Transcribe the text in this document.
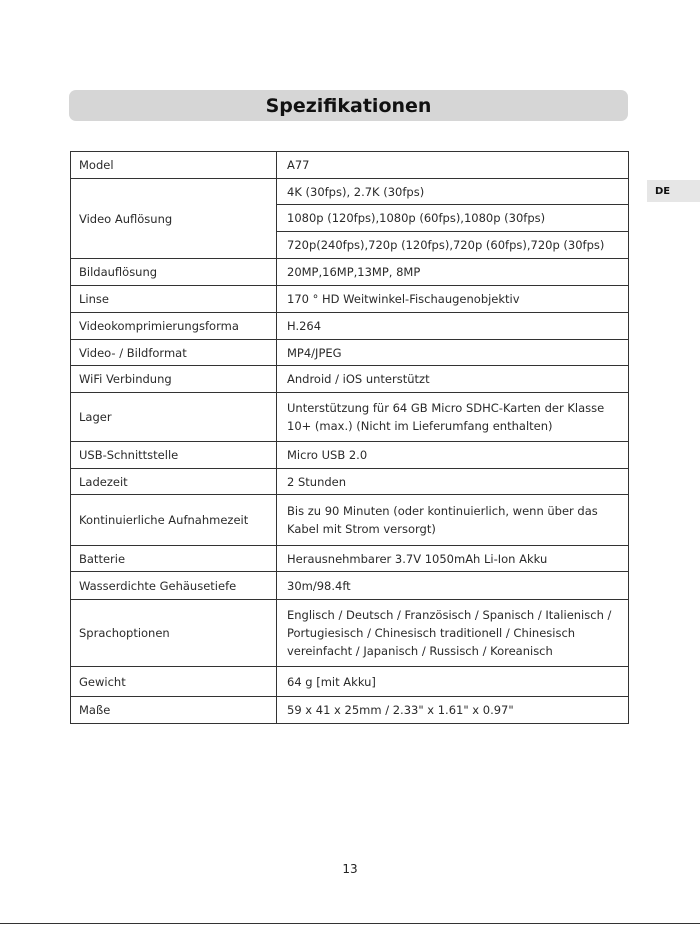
Spezifikationen
DE
Model	A77
Video Auflösung	4K (30fps), 2.7K (30fps)
	1080p (120fps),1080p (60fps),1080p (30fps)
	720p(240fps),720p (120fps),720p (60fps),720p (30fps)
Bildauflösung	20MP,16MP,13MP, 8MP
Linse	170 ° HD Weitwinkel-Fischaugenobjektiv
Videokomprimierungsforma	H.264
Video- / Bildformat	MP4/JPEG
WiFi Verbindung	Android / iOS unterstützt
Lager	Unterstützung für 64 GB Micro SDHC-Karten der Klasse 10+ (max.) (Nicht im Lieferumfang enthalten)
USB-Schnittstelle	Micro USB 2.0
Ladezeit	2 Stunden
Kontinuierliche Aufnahmezeit	Bis zu 90 Minuten (oder kontinuierlich, wenn über das Kabel mit Strom versorgt)
Batterie	Herausnehmbarer 3.7V 1050mAh Li-Ion Akku
Wasserdichte Gehäusetiefe	30m/98.4ft
Sprachoptionen	Englisch / Deutsch / Französisch / Spanisch / Italienisch / Portugiesisch / Chinesisch traditionell / Chinesisch vereinfacht / Japanisch / Russisch / Koreanisch
Gewicht	64 g [mit Akku]
Maße	59 x 41 x 25mm / 2.33" x 1.61" x 0.97"
13
